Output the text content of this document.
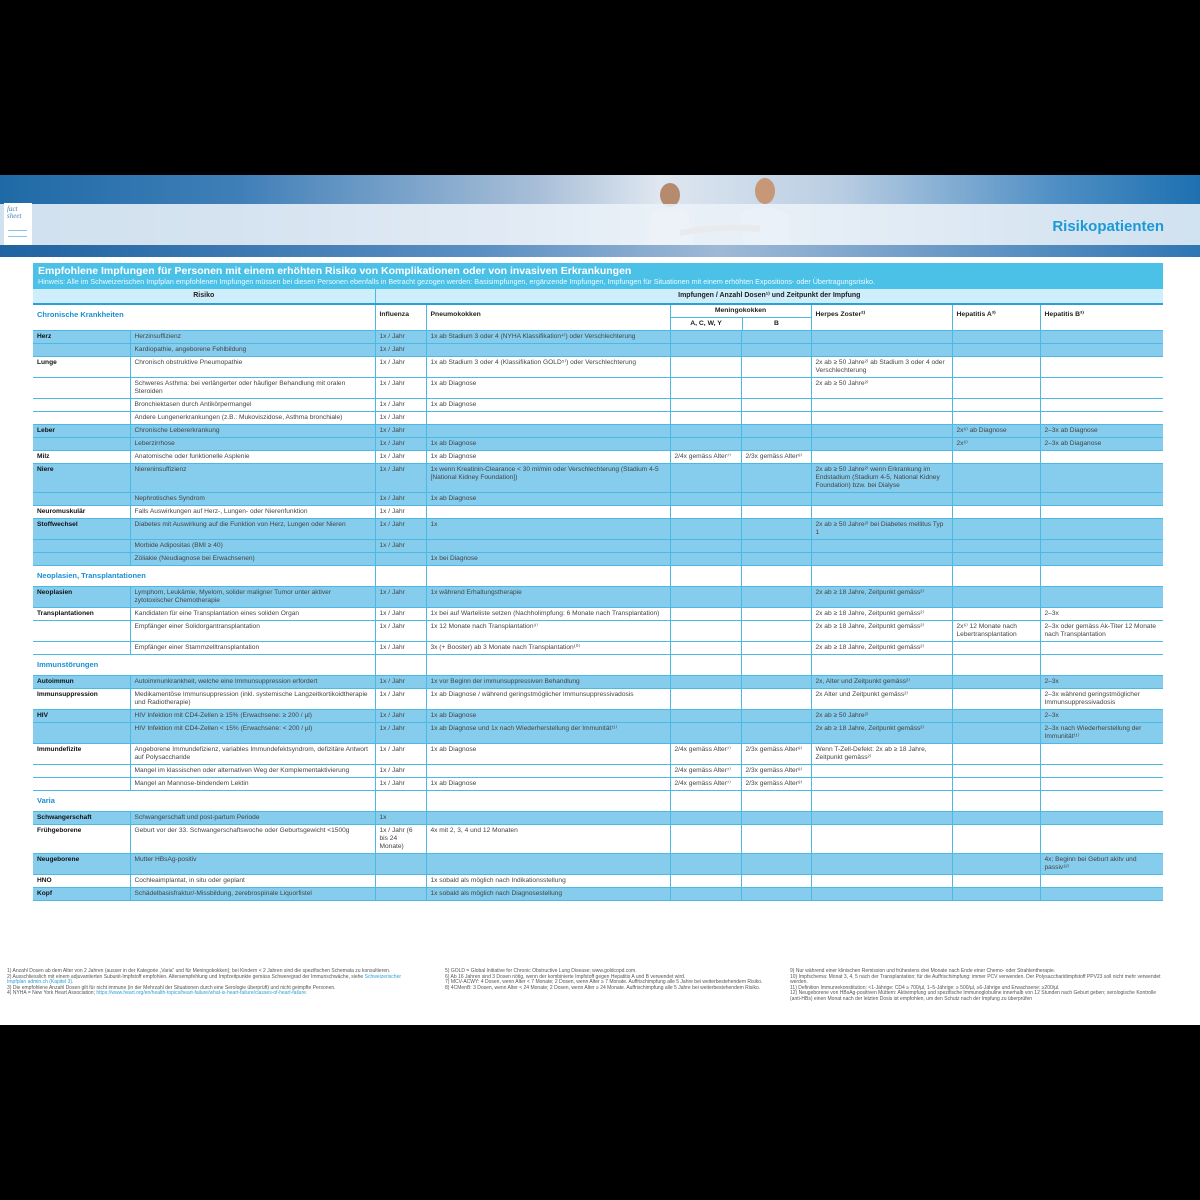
fact
sheet
Risikopatienten
Empfohlene Impfungen für Personen mit einem erhöhten Risiko von Komplikationen oder von invasiven Erkrankungen
Hinweis: Alle im Schweizerischen Impfplan empfohlenen Impfungen müssen bei diesen Personen ebenfalls in Betracht gezogen werden: Basisimpfungen, ergänzende Impfungen, Impfungen für Situationen mit einem erhöhten Expositions- oder Übertragungsrisiko.
Risiko		Impfungen / Anzahl Dosen¹⁾ und Zeitpunkt der Impfung						
Chronische Krankheiten		Influenza	Pneumokokken	Meningokokken
A, C, W, Y B		Herpes Zoster²⁾	Hepatitis A³⁾	Hepatitis B³⁾
Herz	Herzinsuffizienz	1x / Jahr	1x ab Stadium 3 oder 4 (NYHA Klassifikation⁴⁾) oder Verschlechterung					
	Kardiopathie, angeborene Fehlbildung	1x / Jahr						
Lunge	Chronisch obstruktive Pneumopathie	1x / Jahr	1x ab Stadium 3 oder 4 (Klassifikation GOLD⁵⁾) oder Verschlechterung			2x ab ≥ 50 Jahre²⁾ ab Stadium 3 oder 4 oder Verschlechterung		
	Schweres Asthma: bei verlängerter oder häufiger Behandlung mit oralen Steroiden	1x / Jahr	1x ab Diagnose			2x ab ≥ 50 Jahre²⁾		
	Bronchiektasen durch Antikörpermangel	1x / Jahr	1x ab Diagnose					
	Andere Lungenerkrankungen (z.B.: Mukoviszidose, Asthma bronchiale)	1x / Jahr						
Leber	Chronische Lebererkrankung	1x / Jahr					2x⁶⁾ ab Diagnose	2–3x ab Diagnose
	Leberzirrhose	1x / Jahr	1x ab Diagnose				2x⁶⁾	2–3x ab Diaganose
Milz	Anatomische oder funktionelle Asplenie	1x / Jahr	1x ab Diagnose	2/4x gemäss Alter⁷⁾	2/3x gemäss Alter⁸⁾			
Niere	Niereninsuffizienz	1x / Jahr	1x wenn Kreatinin-Clearance < 30 ml/min oder Verschlechterung (Stadium 4-5 [National Kidney Foundation])			2x ab ≥ 50 Jahre²⁾ wenn Erkrankung im Endstadium (Stadium 4-5, National Kidney Foundation) bzw. bei Dialyse		
	Nephrotisches Syndrom	1x / Jahr	1x ab Diagnose					
Neuromuskulär	Falls Auswirkungen auf Herz-, Lungen- oder Nierenfunktion	1x / Jahr						
Stoffwechsel	Diabetes mit Auswirkung auf die Funktion von Herz, Lungen oder Nieren	1x / Jahr	1x			2x ab ≥ 50 Jahre²⁾ bei Diabetes mellitus Typ 1		
	Morbide Adipositas (BMI ≥ 40)	1x / Jahr						
	Zöliakie (Neudiagnose bei Erwachsenen)		1x bei Diagnose					
Neoplasien, Transplantationen								
Neoplasien	Lymphom, Leukämie, Myelom, solider maligner Tumor unter aktiver zytotoxischer Chemotherapie	1x / Jahr	1x während Erhaltungstherapie			2x ab ≥ 18 Jahre, Zeitpunkt gemäss²⁾		
Transplantationen	Kandidaten für eine Transplantation eines soliden Organ	1x / Jahr	1x bei auf Warteliste setzen (Nachholimpfung: 6 Monate nach Transplantation)			2x ab ≥ 18 Jahre, Zeitpunkt gemäss²⁾		2–3x
	Empfänger einer Solidorgantransplantation	1x / Jahr	1x 12 Monate nach Transplantation⁹⁾			2x ab ≥ 18 Jahre, Zeitpunkt gemäss²⁾	2x⁶⁾ 12 Monate nach Lebertransplantation	2–3x oder gemäss Ak-Titer 12 Monate nach Transplantation
	Empfänger einer Stammzelltransplantation	1x / Jahr	3x (+ Booster) ab 3 Monate nach Transplantation¹⁰⁾			2x ab ≥ 18 Jahre, Zeitpunkt gemäss²⁾		
Immunstörungen								
Autoimmun	Autoimmunkrankheit, welche eine Immunsuppression erfordert	1x / Jahr	1x vor Beginn der immunsuppressiven Behandlung			2x, Alter und Zeitpunkt gemäss²⁾		2–3x
Immunsuppression	Medikamentöse Immunsuppression (inkl. systemische Langzeitkortikoidtherapie und Radiotherapie)	1x / Jahr	1x ab Diagnose / während geringstmöglicher Immunsuppressivadosis			2x Alter und Zeitpunkt gemäss²⁾		2–3x während geringstmöglicher Immunsuppressivadosis
HIV	HIV Infektion mit CD4-Zellen ≥ 15% (Erwachsene: ≥ 200 / µl)	1x / Jahr	1x ab Diagnose			2x ab ≥ 50 Jahre²⁾		2–3x
	HIV Infektion mit CD4-Zellen < 15% (Erwachsene: < 200 / µl)	1x / Jahr	1x ab Diagnose und 1x nach Wiederherstellung der Immunität¹¹⁾			2x ab ≥ 18 Jahre, Zeitpunkt gemäss²⁾		2–3x nach Wiederherstellung der Immunität¹¹⁾
Immundefizite	Angeborene Immundefizienz, variables Immundefektsyndrom, defizitäre Antwort auf Polysaccharide	1x / Jahr	1x ab Diagnose	2/4x gemäss Alter⁷⁾	2/3x gemäss Alter⁸⁾	Wenn T-Zell-Defekt: 2x ab ≥ 18 Jahre, Zeitpunkt gemäss²⁾		
	Mangel im klassischen oder alternativen Weg der Komplementaktivierung	1x / Jahr		2/4x gemäss Alter⁷⁾	2/3x gemäss Alter⁸⁾			
	Mangel an Mannose-bindendem Lektin	1x / Jahr	1x ab Diagnose	2/4x gemäss Alter⁷⁾	2/3x gemäss Alter⁸⁾			
Varia								
Schwangerschaft	Schwangerschaft und post-partum Periode	1x						
Frühgeborene	Geburt vor der 33. Schwangerschaftswoche oder Geburtsgewicht <1500g	1x / Jahr (6 bis 24 Monate)	4x mit 2, 3, 4 und 12 Monaten					
Neugeborene	Mutter HBsAg-positiv							4x; Beginn bei Geburt akitv und passiv¹²⁾
HNO	Cochleaimplantat, in situ oder geplant		1x sobald als möglich nach Indikationsstellung					
Kopf	Schädelbasisfraktur/-Missbildung, zerebrospinale Liquorfistel		1x sobald als möglich nach Diagnosestellung					
1) Anzahl Dosen ab dem Alter von 2 Jahren (ausser in der Kategorie „Varia“ und für Meningokokken); bei Kindern < 2 Jahren sind die spezifischen Schemata zu konsultieren.
2) Ausschliesslich mit einem adjuvantierten Subunit-Impfstoff empfohlen. Altersempfehlung und Impfzeitpunkte gemäss Schweregrad der Immunschwäche, siehe Schweizerischer Impfplan admin.ch (Kapitel 3).
3) Die empfohlene Anzahl Dosen gilt für nicht immune (in der Mehrzahl der Situationen durch eine Serologie überprüft) und nicht geimpfte Personen.
4) NYHA = New York Heart Association; https://www.heart.org/en/health-topics/heart-failure/what-is-heart-failure/classes-of-heart-failure.
5) GOLD = Global Initiative for Chronic Obstructive Lung Disease; www.goldcopd.com.
6) Ab 16 Jahren sind 3 Dosen nötig, wenn der kombinierte Impfstoff gegen Hepatitis A und B verwendet wird.
7) MCV-ACWY: 4 Dosen, wenn Alter < 7 Monate; 2 Dosen, wenn Alter ≥ 7 Monate. Auffrischimpfung alle 5 Jahre bei weiterbestehendem Risiko.
8) 4CMenB: 3 Dosen, wenn Alter < 24 Monate; 2 Dosen, wenn Alter ≥ 24 Monate. Auffrischimpfung alle 5 Jahre bei weiterbestehendem Risiko.
9) Nur während einer klinischen Remission und frühestens drei Monate nach Ende einer Chemo- oder Strahlentherapie.
10) Impfschema: Monat 3, 4, 5 nach der Transplantation; für die Auffrischimpfung: immer PCV verwenden. Der Polysaccharidimpfstoff PPV23 soll nicht mehr verwendet werden.
11) Definition Immunrekonstitution: <1-Jährige: CD4 ≥ 700/µl, 1–5-Jährige: ≥ 500/µl, ≥6-Jährige und Erwachsene: ≥200/µl.
12) Neugeborene von HBsAg-positiven Müttern: Aktivimpfung und spezifische Immunoglobuline innerhalb von 12 Stunden nach Geburt geben; serologische Kontrolle (anti-HBs) einen Monat nach der letzten Dosis ist empfohlen, um den Schutz nach der Impfung zu überprüfen
